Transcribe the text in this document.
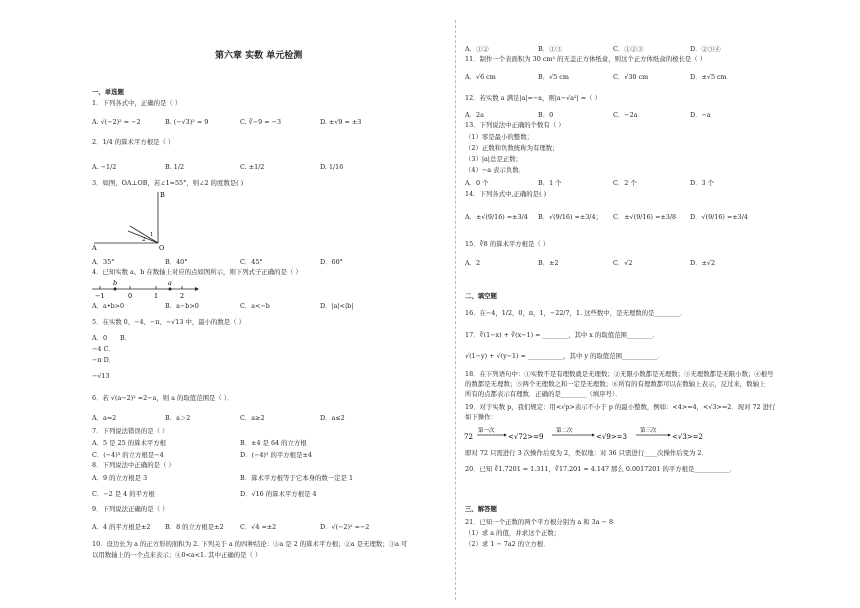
第六章 实数 单元检测
一、单选题
1．下列各式中，正确的是（ ）
A. √(−2)² = −2	B. (−√3)² = 9	C. ∛−9 = −3	D. ±√9 = ±3
2．1/4 的算术平方根是（ ）
A. −1/2	B. 1/2	C. ±1/2	D. 1/16
3．如图，OA⊥OB，若∠1=55°，则∠2 的度数是( )
B
A	O
1
2
A．35°	B．40°	C．45°	D．60°
4．已知实数 a、b 在数轴上对应的点如图所示，则下列式子正确的是（ ）
b	a
−1	0	1	2
A．a•b>0	B．a−b>0	C．a<−b	D．|a|<|b|
5．在实数 0、−4、−π、−√13 中，最小的数是（ ）
A．0 B．
−4 C．
−π D．
−√13
6．若 √(a−2)² =2−a，则 a 的取值范围是（ ）．
A．a=2	B．a＞2	C．a≥2	D．a≤2
7．下列说法错误的是（ ）
A．5 是 25 的算术平方根	B．±4 是 64 的立方根
C．(−4)³ 的立方根是−4	D．(−4)² 的平方根是±4
8．下列说法中正确的是（ ）
A．9 的立方根是 3	B．算术平方根等于它本身的数一定是 1
C．−2 是 4 的平方根	D．√16 的算术平方根是 4
9．下列说法正确的是（ ）
A．4 的平方根是±2 B．8 的立方根是±2	C．√4 =±2	D．√(−2)² =−2
10．设边长为 a 的正方形的面积为 2. 下列关于 a 的四种结论：①a 是 2 的算术平方根；②a 是无理数；③a 可
以用数轴上的一个点来表示；④0<a<1. 其中正确的是（ ）
A．①②	B．①③	C．①②③	D．②③④
11．制作一个表面积为 30 cm² 的无盖正方体纸盒，则这个正方体纸盒的棱长是（ ）
A．√6 cm	B．√5 cm	C．√30 cm	D．±√5 cm
12．若实数 a 满足|a|=−a，则|a−√a²| =（ ）
A．2a	B．0	C．−2a	D．−a
13．下列说法中正确的个数有（ ）
（1）零是最小的整数；
（2）正数和负数统称为有理数；
（3）|a|总是正数；
（4）−a 表示负数．
A．0 个	B．1 个	C．2 个	D．3 个
14．下列各式中,正确的是( )
A．±√(9/16) =±3/4 B．√(9/16) =±3/4； C．±√(9/16) =±3/8 D．√(9/16) =±3/4
15．∛8 的算术平方根是（ ）
A．2	B．±2	C．√2	D．±√2
二、填空题
16．在−4，1/2，0，π，1，−22/7，1. 这些数中，是无理数的是________．
17．∛(1−x) + ∛(x−1) = ________，其中 x 的取值范围________．
√(1−y) + √(y−1) = ___________，其中 y 的取值范围___________．
18．在下列语句中：①实数不是有理数就是无理数；②无限小数都是无理数；③无理数都是无限小数；④根号
的数都是无理数；⑤两个无理数之和一定是无理数；⑥所有的有理数都可以在数轴上表示，反过来，数轴上
所有的点都表示有理数．正确的是________（填序号）．
19．对于实数 p，我们规定：用<√p>表示不小于 p 的最小整数，例如：<4>=4，<√3>=2．现对 72 进行
如下操作：
72
第一次
<√72>=9
第二次
<√9>=3
第三次
<√3>=2
即对 72 只需进行 3 次操作后变为 2，类似地：对 36 只需进行____次操作后变为 2．
20．已知 ∛1.7201 = 1.311，∛17.201 = 4.147 那么 0.0017201 的平方根是___________．
三、解答题
21．已知一个正数的两个平方根分别为 a 和 3a − 8
（1）求 a 的值，并求这个正数；
（2）求 1 − 7a2 的立方根．
